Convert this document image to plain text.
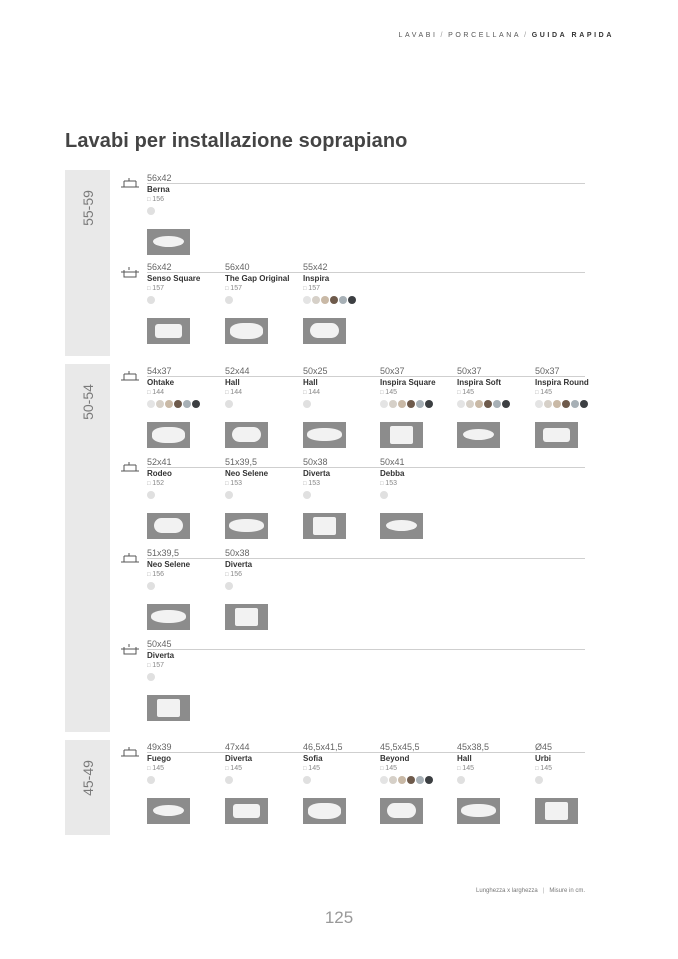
LAVABI / PORCELLANA / GUIDA RAPIDA
Lavabi per installazione soprapiano
55-59
50-54
45-49
56x42
Berna
□ 156
56x42
Senso Square
□ 157
56x40
The Gap Original
□ 157
55x42
Inspira
□ 157
54x37
Ohtake
□ 144
52x44
Hall
□ 144
50x25
Hall
□ 144
50x37
Inspira Square
□ 145
50x37
Inspira Soft
□ 145
50x37
Inspira Round
□ 145
52x41
Rodeo
□ 152
51x39,5
Neo Selene
□ 153
50x38
Diverta
□ 153
50x41
Debba
□ 153
51x39,5
Neo Selene
□ 156
50x38
Diverta
□ 156
50x45
Diverta
□ 157
49x39
Fuego
□ 145
47x44
Diverta
□ 145
46,5x41,5
Sofia
□ 145
45,5x45,5
Beyond
□ 145
45x38,5
Hall
□ 145
Ø45
Urbi
□ 145
Lunghezza x larghezza | Misure in cm.
125
